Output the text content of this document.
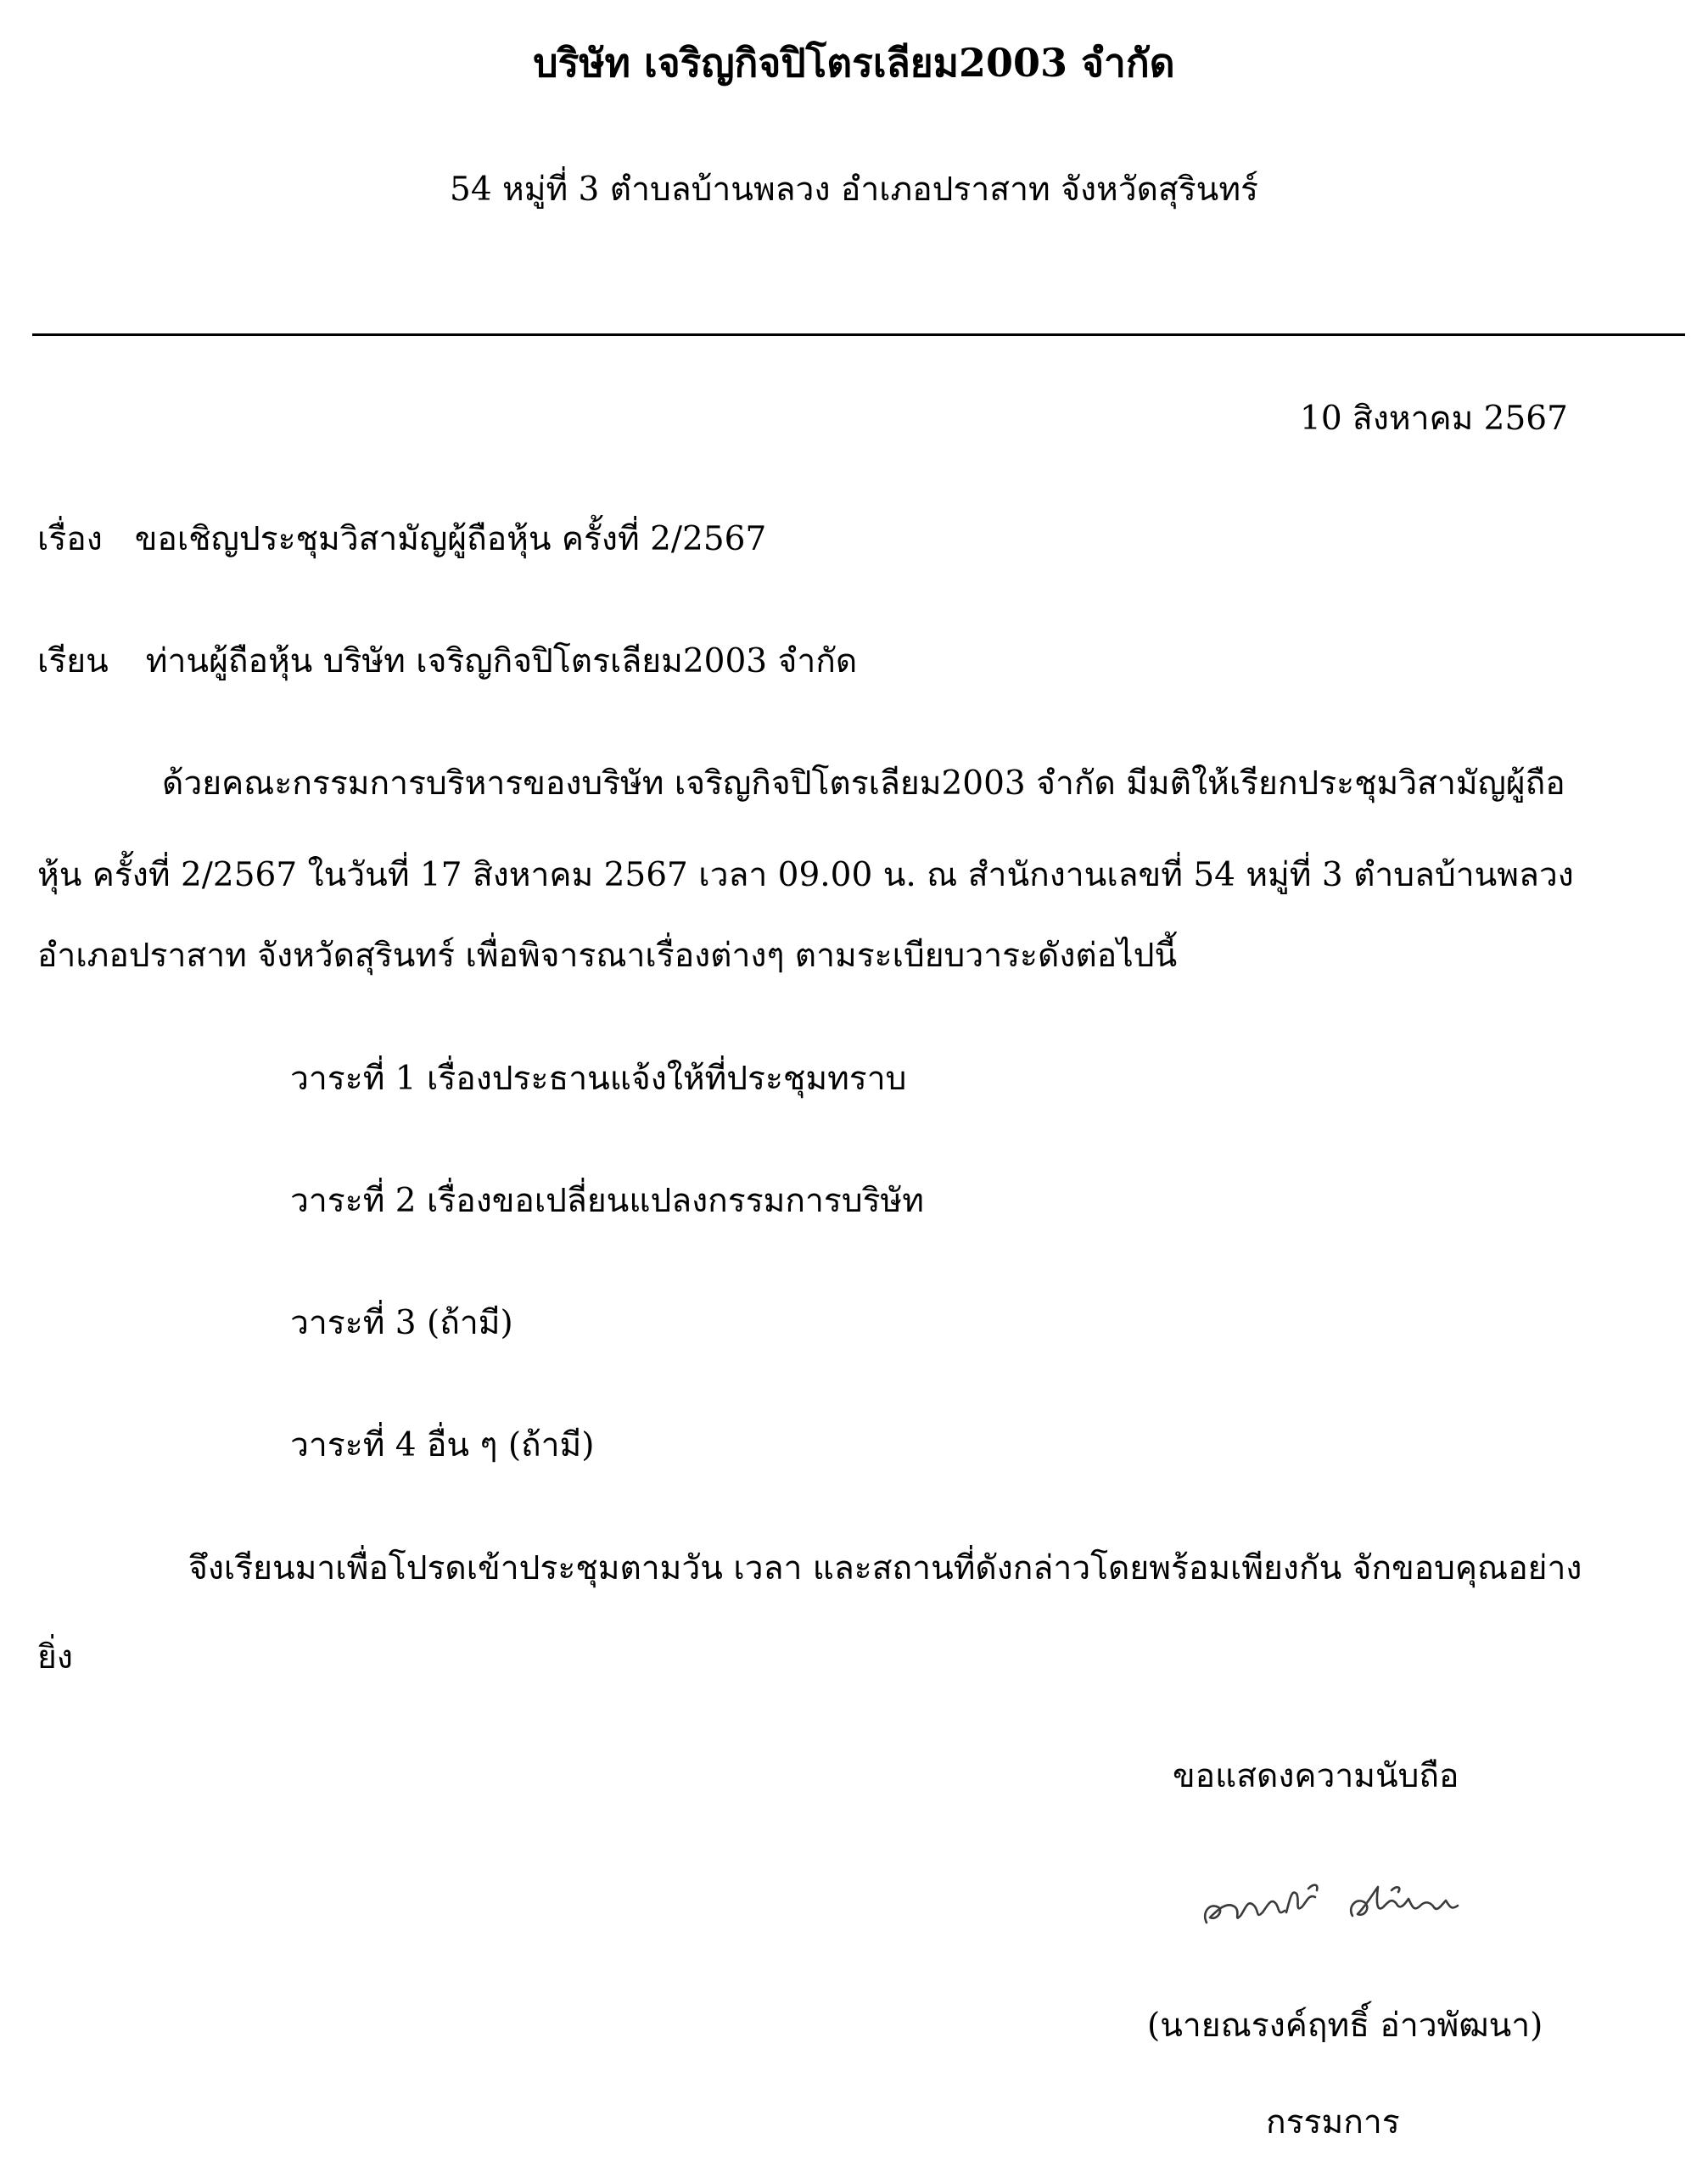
บริษัท เจริญกิจปิโตรเลียม2003 จำกัด
54 หมู่ที่ 3 ตำบลบ้านพลวง อำเภอปราสาท จังหวัดสุรินทร์
10 สิงหาคม 2567
เรื่อง ขอเชิญประชุมวิสามัญผู้ถือหุ้น ครั้งที่ 2/2567
เรียน ท่านผู้ถือหุ้น บริษัท เจริญกิจปิโตรเลียม2003 จำกัด
ด้วยคณะกรรมการบริหารของบริษัท เจริญกิจปิโตรเลียม2003 จำกัด มีมติให้เรียกประชุมวิสามัญผู้ถือ
หุ้น ครั้งที่ 2/2567 ในวันที่ 17 สิงหาคม 2567 เวลา 09.00 น. ณ สำนักงานเลขที่ 54 หมู่ที่ 3 ตำบลบ้านพลวง
อำเภอปราสาท จังหวัดสุรินทร์ เพื่อพิจารณาเรื่องต่างๆ ตามระเบียบวาระดังต่อไปนี้
วาระที่ 1 เรื่องประธานแจ้งให้ที่ประชุมทราบ
วาระที่ 2 เรื่องขอเปลี่ยนแปลงกรรมการบริษัท
วาระที่ 3 (ถ้ามี)
วาระที่ 4 อื่น ๆ (ถ้ามี)
จึงเรียนมาเพื่อโปรดเข้าประชุมตามวัน เวลา และสถานที่ดังกล่าวโดยพร้อมเพียงกัน จักขอบคุณอย่าง
ยิ่ง
ขอแสดงความนับถือ
(นายณรงค์ฤทธิ์ อ่าวพัฒนา)
กรรมการ
